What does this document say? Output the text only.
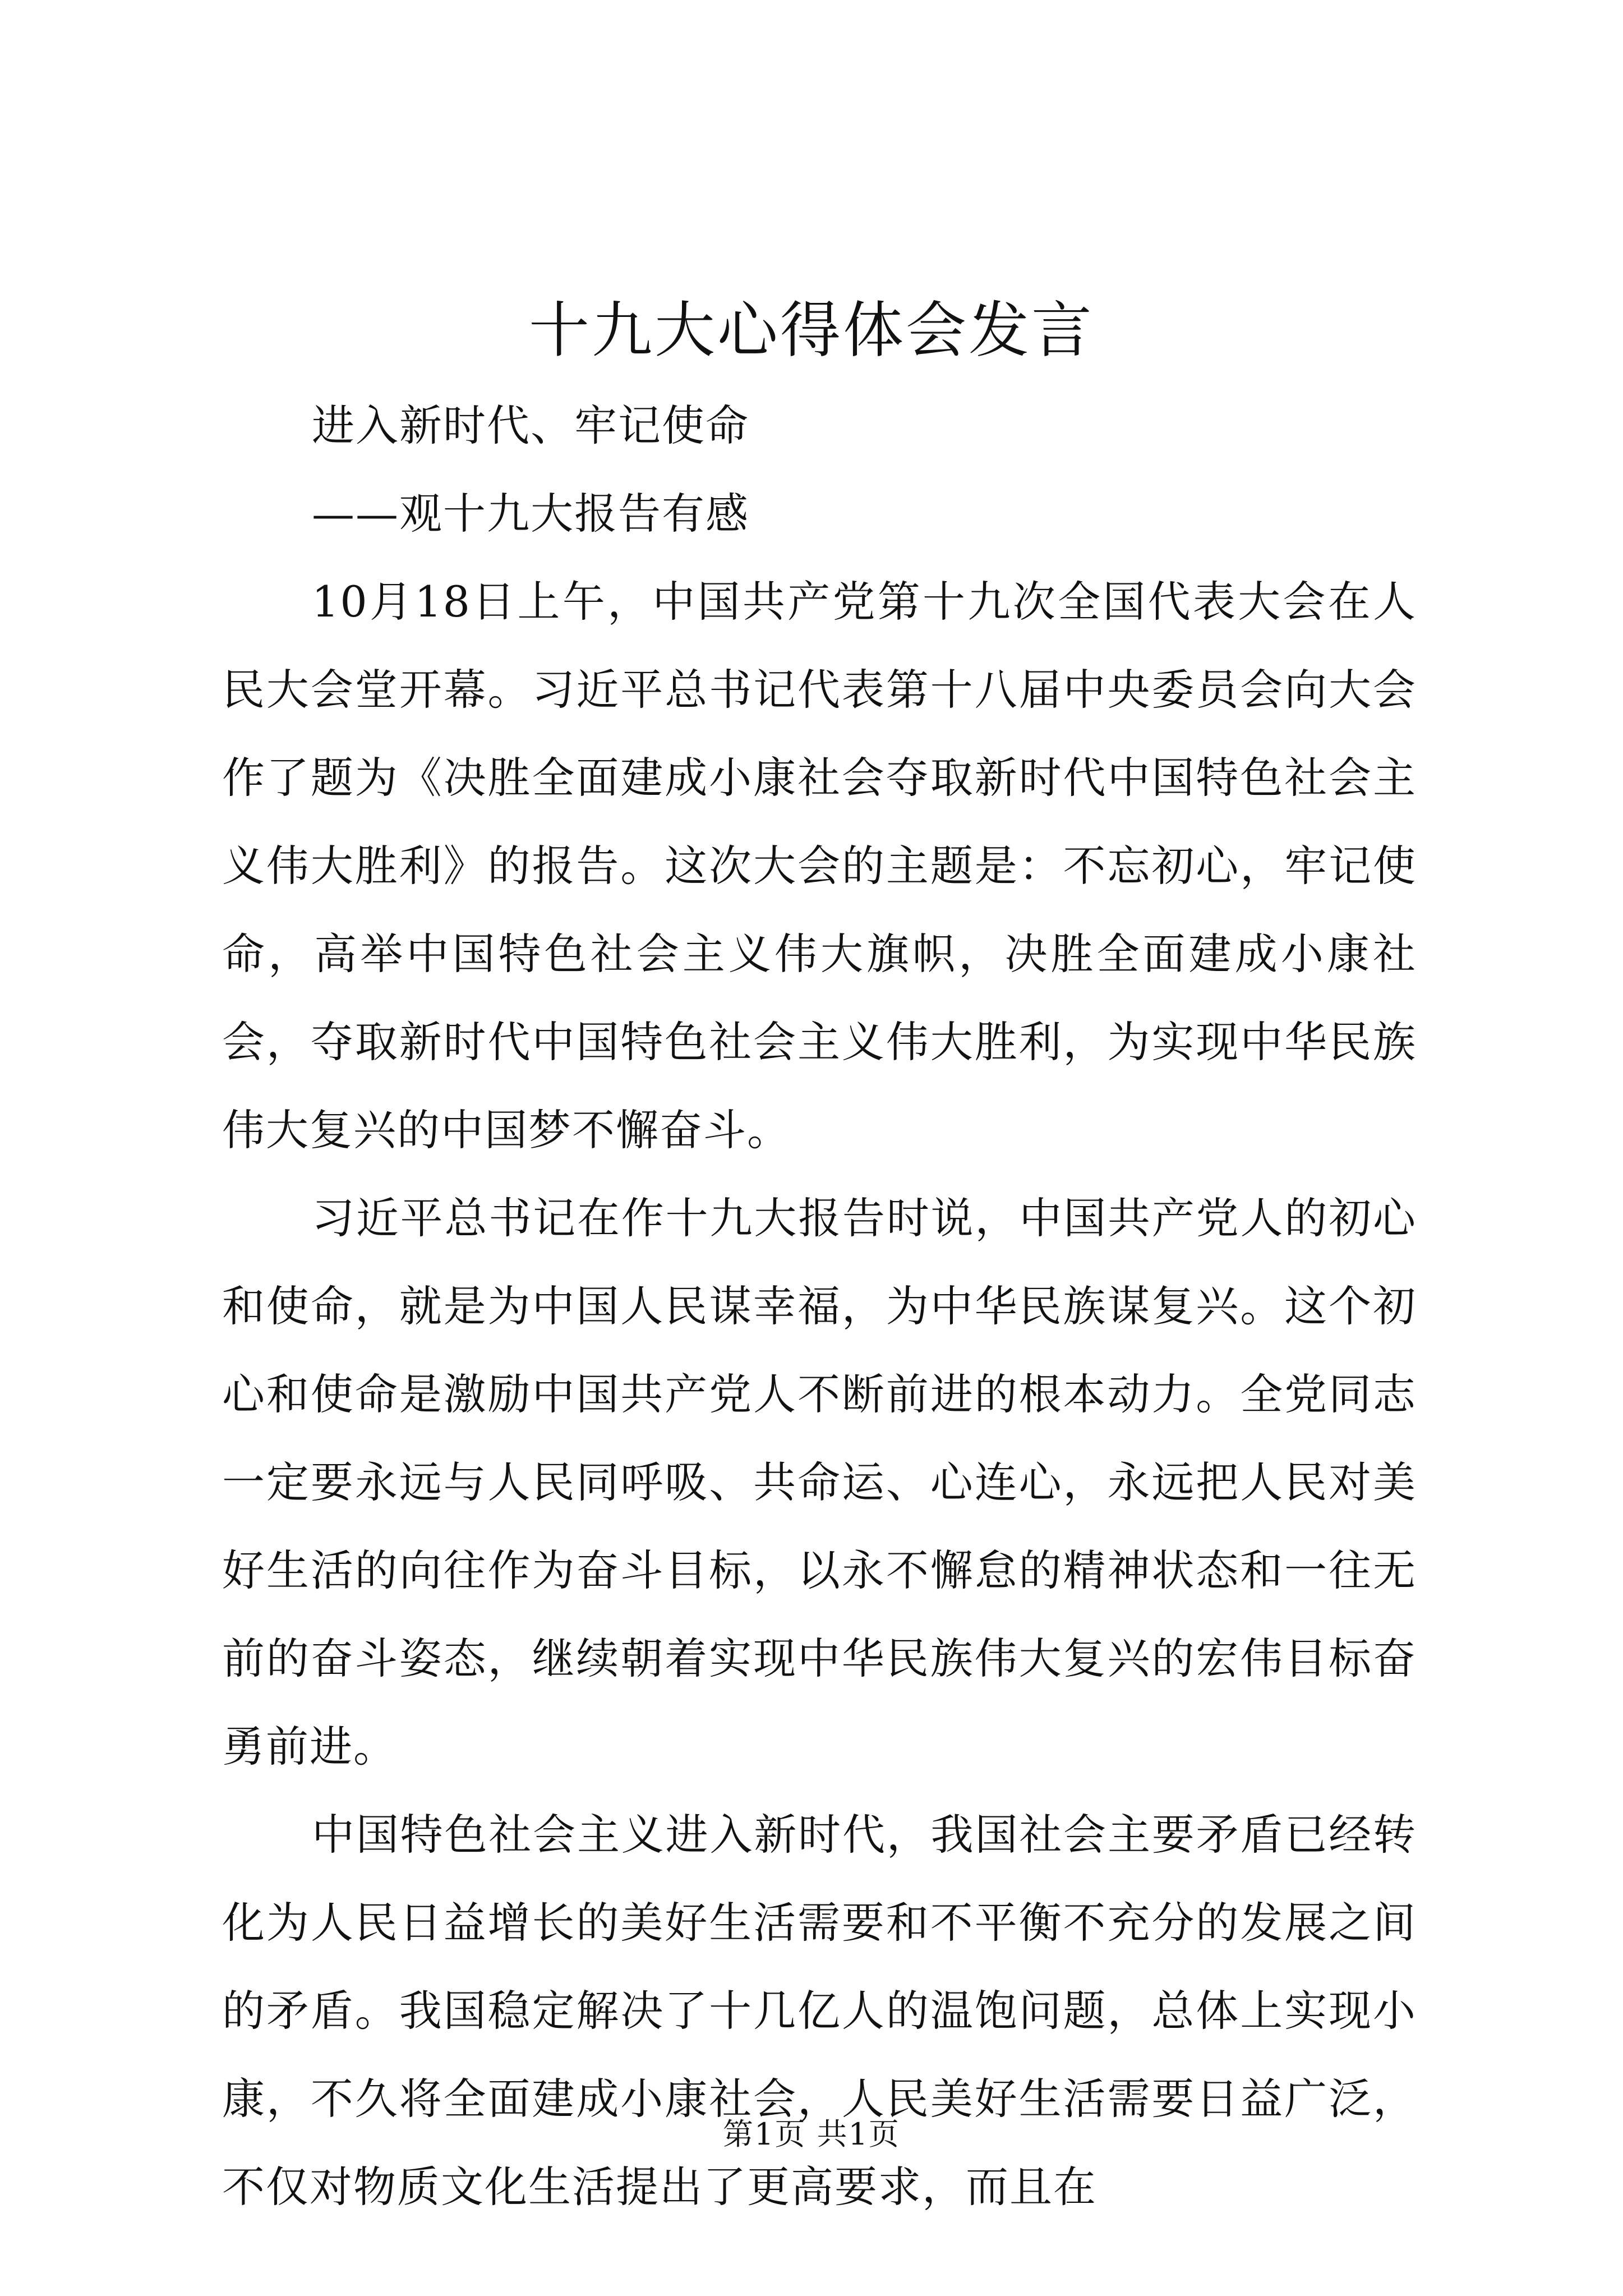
十九大心得体会发言

进入新时代、牢记使命

——观十九大报告有感

10月18日上午，中国共产党第十九次全国代表大会在人民大会堂开幕。习近平总书记代表第十八届中央委员会向大会作了题为《决胜全面建成小康社会夺取新时代中国特色社会主义伟大胜利》的报告。这次大会的主题是：不忘初心，牢记使命，高举中国特色社会主义伟大旗帜，决胜全面建成小康社会，夺取新时代中国特色社会主义伟大胜利，为实现中华民族伟大复兴的中国梦不懈奋斗。

习近平总书记在作十九大报告时说，中国共产党人的初心和使命，就是为中国人民谋幸福，为中华民族谋复兴。这个初心和使命是激励中国共产党人不断前进的根本动力。全党同志一定要永远与人民同呼吸、共命运、心连心，永远把人民对美好生活的向往作为奋斗目标，以永不懈怠的精神状态和一往无前的奋斗姿态，继续朝着实现中华民族伟大复兴的宏伟目标奋勇前进。

中国特色社会主义进入新时代，我国社会主要矛盾已经转化为人民日益增长的美好生活需要和不平衡不充分的发展之间的矛盾。我国稳定解决了十几亿人的温饱问题，总体上实现小康，不久将全面建成小康社会，人民美好生活需要日益广泛，不仅对物质文化生活提出了更高要求，而且在

第1页 共1页
